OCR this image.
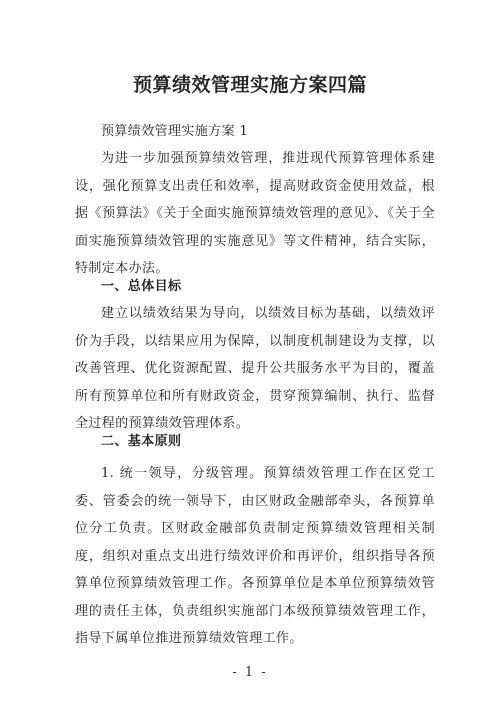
预算绩效管理实施方案四篇
预算绩效管理实施方案 1
为进一步加强预算绩效管理，推进现代预算管理体系建设，强化预算支出责任和效率，提高财政资金使用效益，根据《预算法》《关于全面实施预算绩效管理的意见》、《关于全面实施预算绩效管理的实施意见》等文件精神，结合实际，特制定本办法。
一、总体目标
建立以绩效结果为导向，以绩效目标为基础，以绩效评价为手段，以结果应用为保障，以制度机制建设为支撑，以改善管理、优化资源配置、提升公共服务水平为目的，覆盖所有预算单位和所有财政资金，贯穿预算编制、执行、监督全过程的预算绩效管理体系。
二、基本原则
1. 统一领导，分级管理。预算绩效管理工作在区党工委、管委会的统一领导下，由区财政金融部牵头，各预算单位分工负责。区财政金融部负责制定预算绩效管理相关制度，组织对重点支出进行绩效评价和再评价，组织指导各预算单位预算绩效管理工作。各预算单位是本单位预算绩效管理的责任主体，负责组织实施部门本级预算绩效管理工作，指导下属单位推进预算绩效管理工作。
- 1 -
